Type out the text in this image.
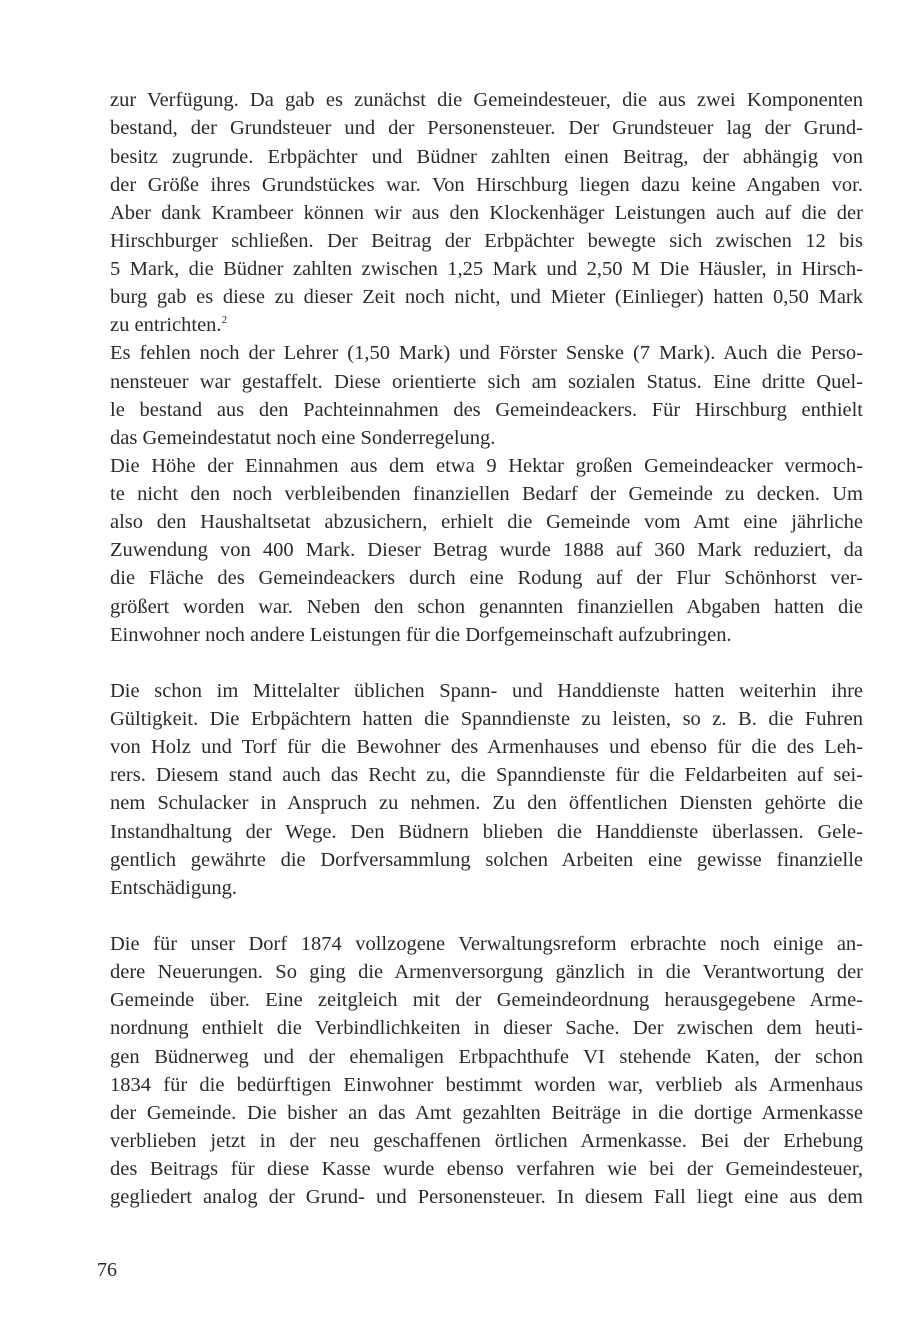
zur Verfügung. Da gab es zunächst die Gemeindesteuer, die aus zwei Komponenten
bestand, der Grundsteuer und der Personensteuer. Der Grundsteuer lag der Grund-
besitz zugrunde. Erbpächter und Büdner zahlten einen Beitrag, der abhängig von
der Größe ihres Grundstückes war. Von Hirschburg liegen dazu keine Angaben vor.
Aber dank Krambeer können wir aus den Klockenhäger Leistungen auch auf die der
Hirschburger schließen. Der Beitrag der Erbpächter bewegte sich zwischen 12 bis
5 Mark, die Büdner zahlten zwischen 1,25 Mark und 2,50 M Die Häusler, in Hirsch-
burg gab es diese zu dieser Zeit noch nicht, und Mieter (Einlieger) hatten 0,50 Mark
zu entrichten.$^2$
Es fehlen noch der Lehrer (1,50 Mark) und Förster Senske (7 Mark). Auch die Perso-
nensteuer war gestaffelt. Diese orientierte sich am sozialen Status. Eine dritte Quel-
le bestand aus den Pachteinnahmen des Gemeindeackers. Für Hirschburg enthielt
das Gemeindestatut noch eine Sonderregelung.
Die Höhe der Einnahmen aus dem etwa 9 Hektar großen Gemeindeacker vermoch-
te nicht den noch verbleibenden finanziellen Bedarf der Gemeinde zu decken. Um
also den Haushaltsetat abzusichern, erhielt die Gemeinde vom Amt eine jährliche
Zuwendung von 400 Mark. Dieser Betrag wurde 1888 auf 360 Mark reduziert, da
die Fläche des Gemeindeackers durch eine Rodung auf der Flur Schönhorst ver-
größert worden war. Neben den schon genannten finanziellen Abgaben hatten die
Einwohner noch andere Leistungen für die Dorfgemeinschaft aufzubringen.
Die schon im Mittelalter üblichen Spann- und Handdienste hatten weiterhin ihre
Gültigkeit. Die Erbpächtern hatten die Spanndienste zu leisten, so z. B. die Fuhren
von Holz und Torf für die Bewohner des Armenhauses und ebenso für die des Leh-
rers. Diesem stand auch das Recht zu, die Spanndienste für die Feldarbeiten auf sei-
nem Schulacker in Anspruch zu nehmen. Zu den öffentlichen Diensten gehörte die
Instandhaltung der Wege. Den Büdnern blieben die Handdienste überlassen. Gele-
gentlich gewährte die Dorfversammlung solchen Arbeiten eine gewisse finanzielle
Entschädigung.
Die für unser Dorf 1874 vollzogene Verwaltungsreform erbrachte noch einige an-
dere Neuerungen. So ging die Armenversorgung gänzlich in die Verantwortung der
Gemeinde über. Eine zeitgleich mit der Gemeindeordnung herausgegebene Arme-
nordnung enthielt die Verbindlichkeiten in dieser Sache. Der zwischen dem heuti-
gen Büdnerweg und der ehemaligen Erbpachthufe VI stehende Katen, der schon
1834 für die bedürftigen Einwohner bestimmt worden war, verblieb als Armenhaus
der Gemeinde. Die bisher an das Amt gezahlten Beiträge in die dortige Armenkasse
verblieben jetzt in der neu geschaffenen örtlichen Armenkasse. Bei der Erhebung
des Beitrags für diese Kasse wurde ebenso verfahren wie bei der Gemeindesteuer,
gegliedert analog der Grund- und Personensteuer. In diesem Fall liegt eine aus dem
76
